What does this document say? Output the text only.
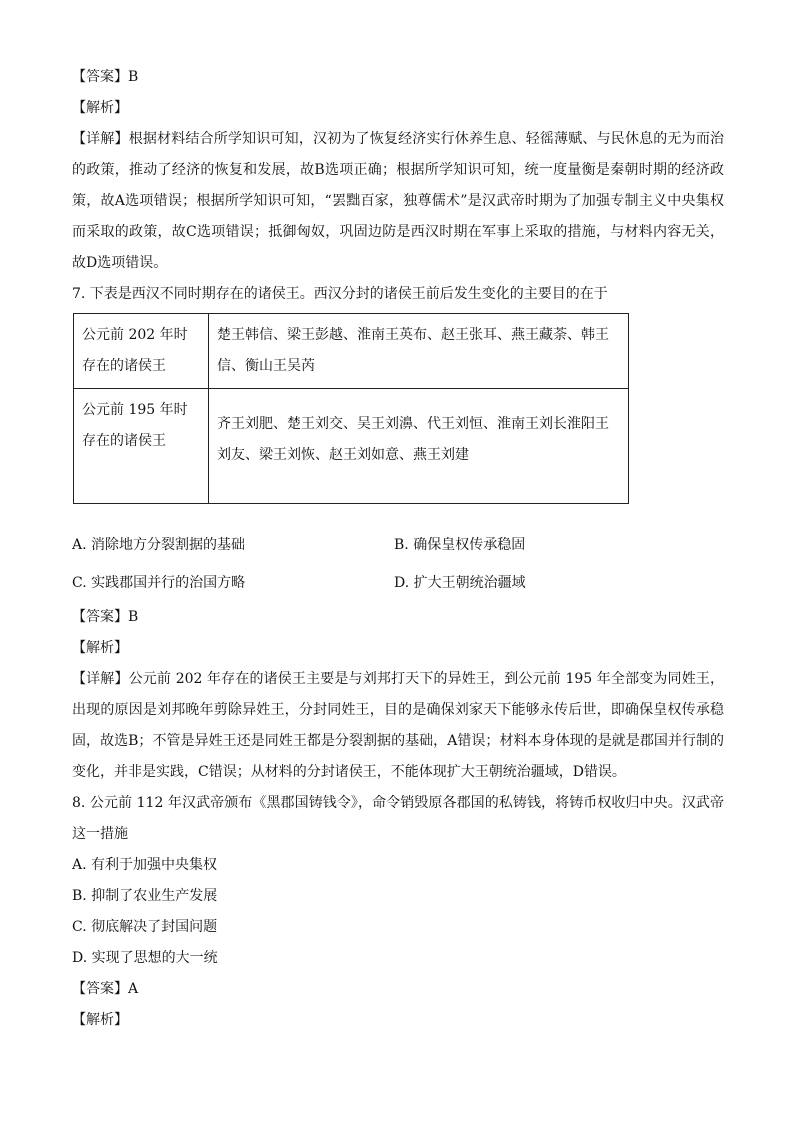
【答案】B

【解析】

【详解】根据材料结合所学知识可知，汉初为了恢复经济实行休养生息、轻徭薄赋、与民休息的无为而治的政策，推动了经济的恢复和发展，故B选项正确；根据所学知识可知，统一度量衡是秦朝时期的经济政策，故A选项错误；根据所学知识可知，“罢黜百家，独尊儒术”是汉武帝时期为了加强专制主义中央集权而采取的政策，故C选项错误；抵御匈奴，巩固边防是西汉时期在军事上采取的措施，与材料内容无关，故D选项错误。

7. 下表是西汉不同时期存在的诸侯王。西汉分封的诸侯王前后发生变化的主要目的在于

公元前 202 年时存在的诸侯王	楚王韩信、梁王彭越、淮南王英布、赵王张耳、燕王藏荼、韩王信、衡山王吴芮
公元前 195 年时存在的诸侯王	齐王刘肥、楚王刘交、吴王刘濞、代王刘恒、淮南王刘长淮阳王刘友、梁王刘恢、赵王刘如意、燕王刘建

A. 消除地方分裂割据的基础	B. 确保皇权传承稳固

C. 实践郡国并行的治国方略	D. 扩大王朝统治疆域

【答案】B

【解析】

【详解】公元前 202 年存在的诸侯王主要是与刘邦打天下的异姓王，到公元前 195 年全部变为同姓王，出现的原因是刘邦晚年剪除异姓王，分封同姓王，目的是确保刘家天下能够永传后世，即确保皇权传承稳固，故选B；不管是异姓王还是同姓王都是分裂割据的基础，A错误；材料本身体现的是就是郡国并行制的变化，并非是实践，C错误；从材料的分封诸侯王，不能体现扩大王朝统治疆域，D错误。

8. 公元前 112 年汉武帝颁布《黑郡国铸钱令》，命令销毁原各郡国的私铸钱，将铸币权收归中央。汉武帝这一措施

A. 有利于加强中央集权

B. 抑制了农业生产发展

C. 彻底解决了封国问题

D. 实现了思想的大一统

【答案】A

【解析】
